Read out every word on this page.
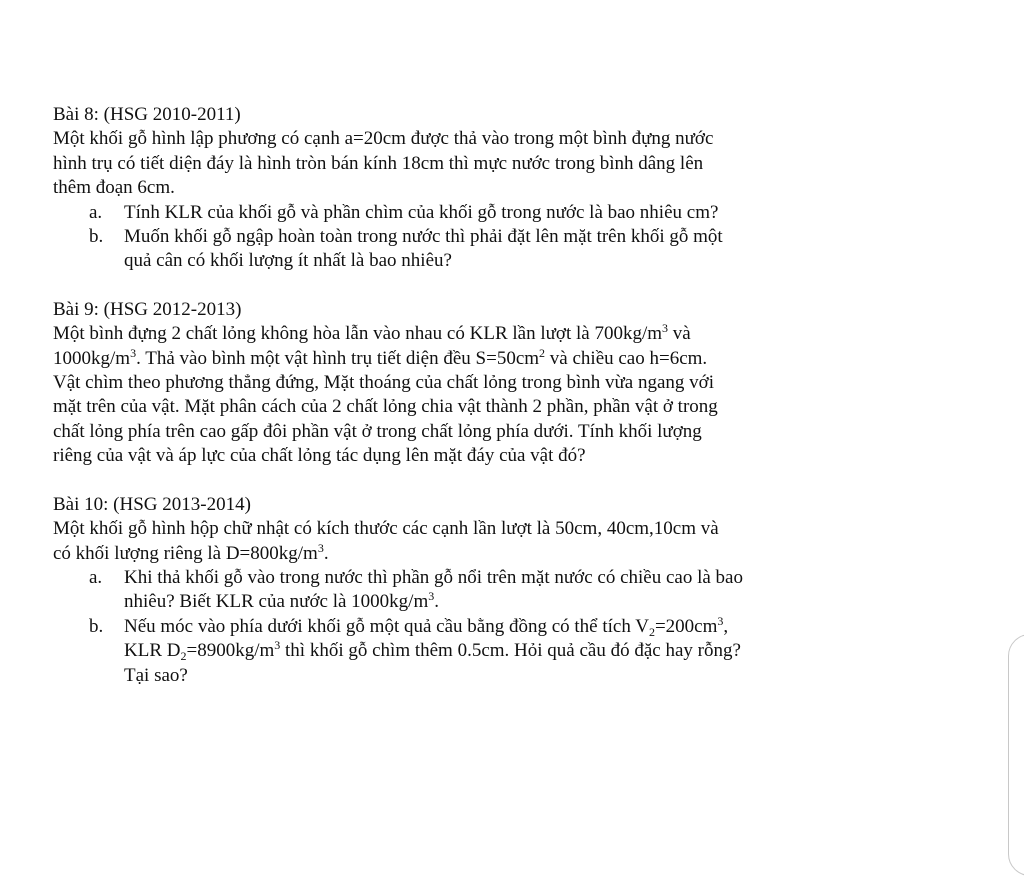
Bài 8: (HSG 2010-2011)
Một khối gỗ hình lập phương có cạnh a=20cm được thả vào trong một bình đựng nước
hình trụ có tiết diện đáy là hình tròn bán kính 18cm thì mực nước trong bình dâng lên
thêm đoạn 6cm.
a. Tính KLR của khối gỗ và phần chìm của khối gỗ trong nước là bao nhiêu cm?
b. Muốn khối gỗ ngập hoàn toàn trong nước thì phải đặt lên mặt trên khối gỗ một
quả cân có khối lượng ít nhất là bao nhiêu?
Bài 9: (HSG 2012-2013)
Một bình đựng 2 chất lỏng không hòa lẫn vào nhau có KLR lần lượt là $700kg/m^3$ và
$1000kg/m^3$. Thả vào bình một vật hình trụ tiết diện đều $S=50cm^2$ và chiều cao h=6cm.
Vật chìm theo phương thẳng đứng, Mặt thoáng của chất lỏng trong bình vừa ngang với
mặt trên của vật. Mặt phân cách của 2 chất lỏng chia vật thành 2 phần, phần vật ở trong
chất lỏng phía trên cao gấp đôi phần vật ở trong chất lỏng phía dưới. Tính khối lượng
riêng của vật và áp lực của chất lỏng tác dụng lên mặt đáy của vật đó?
Bài 10: (HSG 2013-2014)
Một khối gỗ hình hộp chữ nhật có kích thước các cạnh lần lượt là 50cm, 40cm,10cm và
có khối lượng riêng là $D=800kg/m^3$.
a. Khi thả khối gỗ vào trong nước thì phần gỗ nổi trên mặt nước có chiều cao là bao
nhiêu? Biết KLR của nước là $1000kg/m^3$.
b. Nếu móc vào phía dưới khối gỗ một quả cầu bằng đồng có thể tích $V_2=200cm^3$,
KLR $D_2=8900kg/m^3$ thì khối gỗ chìm thêm 0.5cm. Hỏi quả cầu đó đặc hay rỗng?
Tại sao?
